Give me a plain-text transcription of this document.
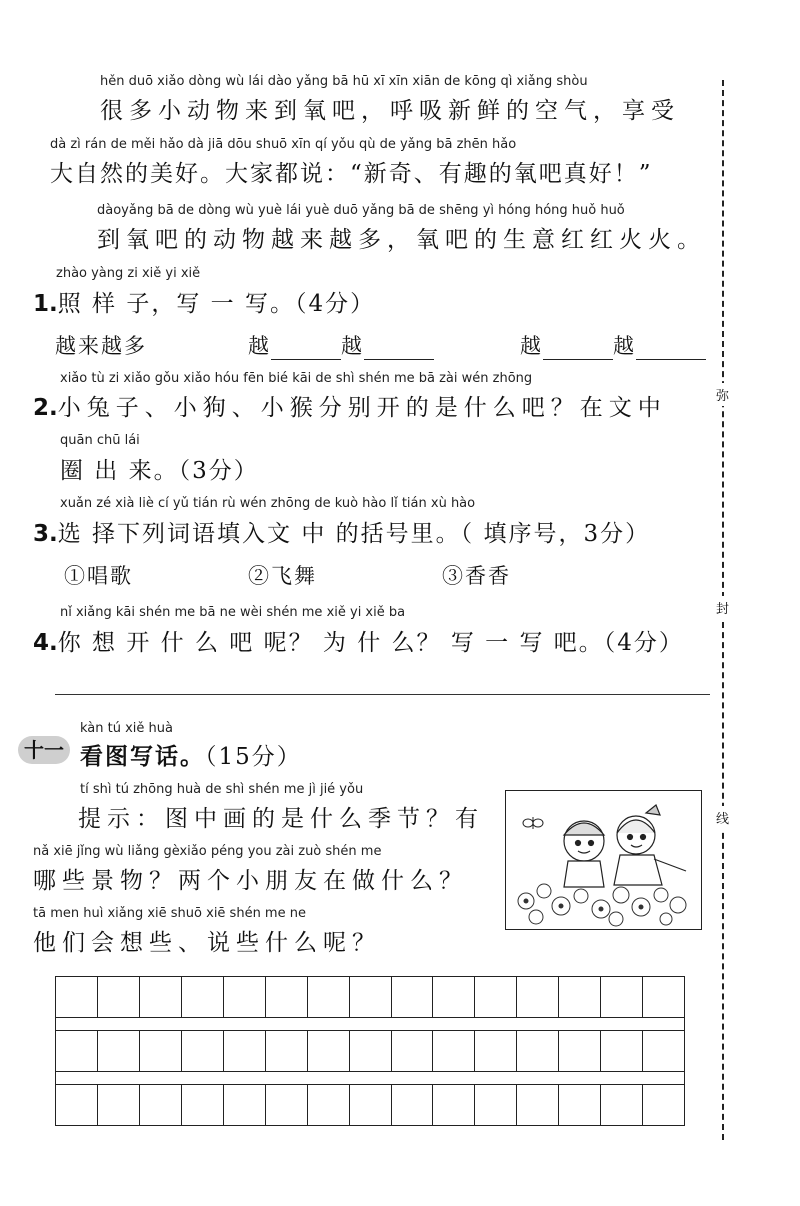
hěn duō xiǎo dòng wù lái dào yǎng bā hū xī xīn xiān de kōng qì xiǎng shòu
很多小动物来到氧吧，呼吸新鲜的空气，享受
dà zì rán de měi hǎo dà jiā dōu shuō xīn qí yǒu qù de yǎng bā zhēn hǎo
大自然的美好。大家都说：“新奇、有趣的氧吧真好！”
dàoyǎng bā de dòng wù yuè lái yuè duō yǎng bā de shēng yì hóng hóng huǒ huǒ
到氧吧的动物越来越多，氧吧的生意红红火火。
zhào yàng zi xiě yi xiě
1.照 样 子，写 一 写。（4分）
越来越多	越	越	越	越
xiǎo tù zi xiǎo gǒu xiǎo hóu fēn bié kāi de shì shén me bā zài wén zhōng
2.小兔子、小狗、小猴分别开的是什么吧？在文中
quān chū lái
圈 出 来。（3分）
xuǎn zé xià liè cí yǔ tián rù wén zhōng de kuò hào lǐ tián xù hào
3.选 择下列词语填入文 中 的括号里。（ 填序号，3分）
①唱歌	②飞舞	③香香
nǐ xiǎng kāi shén me bā ne wèi shén me xiě yi xiě ba
4.你 想 开 什 么 吧 呢？ 为 什 么？ 写 一 写 吧。（4分）
十一
kàn tú xiě huà
看图写话。（15分）
tí shì tú zhōng huà de shì shén me jì jié yǒu
提示：图中画的是什么季节？有
nǎ xiē jǐng wù liǎng gèxiǎo péng you zài zuò shén me
哪些景物？两个小朋友在做什么？
tā men huì xiǎng xiē shuō xiē shén me ne
他们会想些、说些什么呢？
弥
封
线
